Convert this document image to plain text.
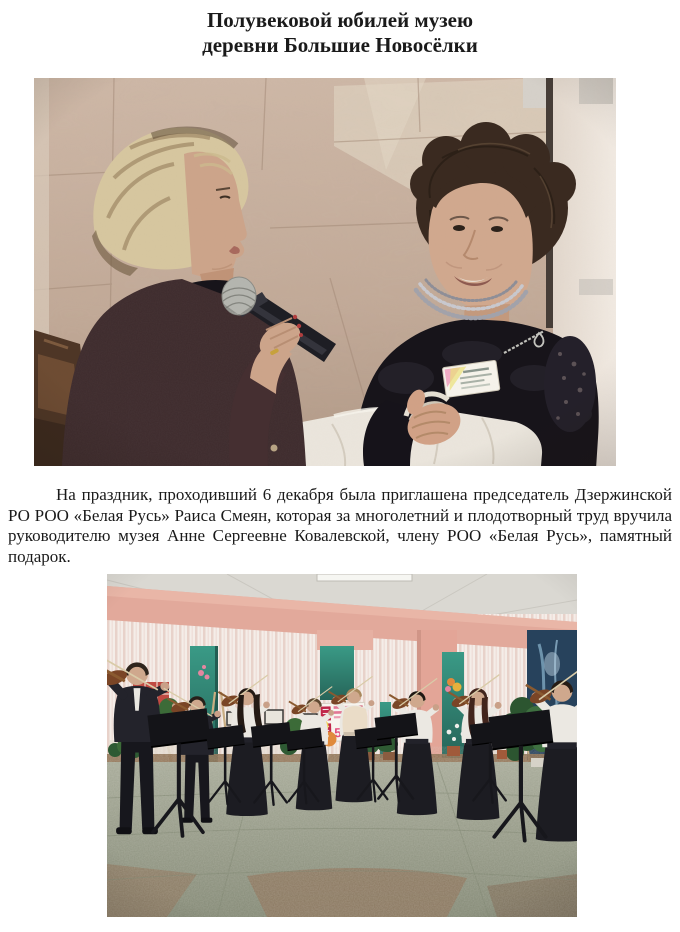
Полувековой юбилей музею
деревни Большие Новосёлки

На праздник, проходивший 6 декабря была приглашена председатель Дзержинской РО РОО «Белая Русь» Раиса Смеян, которая за многолетний и плодотворный труд вручила руководителю музея Анне Сергеевне Ковалевской, члену РОО «Белая Русь», памятный подарок.
